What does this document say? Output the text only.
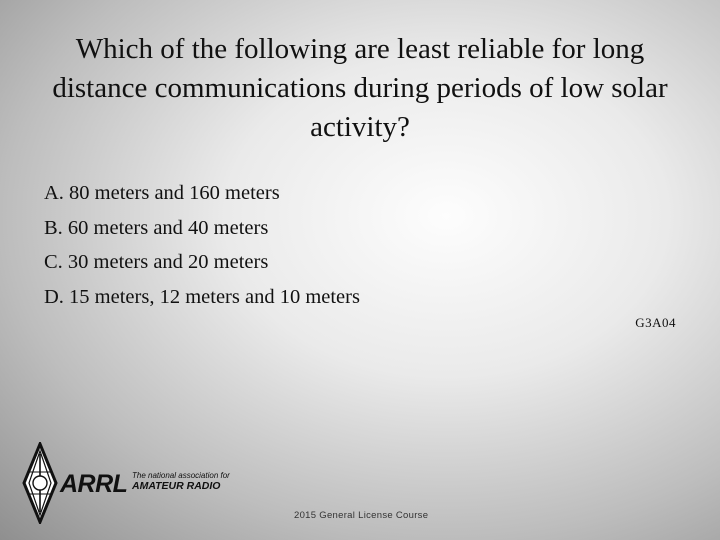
Which of the following are least reliable for long distance communications during periods of low solar activity?
A. 80 meters and 160 meters
B. 60 meters and 40 meters
C. 30 meters and 20 meters
D. 15 meters, 12 meters and 10 meters
G3A04
ARRL The national association for
AMATEUR RADIO
2015 General License Course
